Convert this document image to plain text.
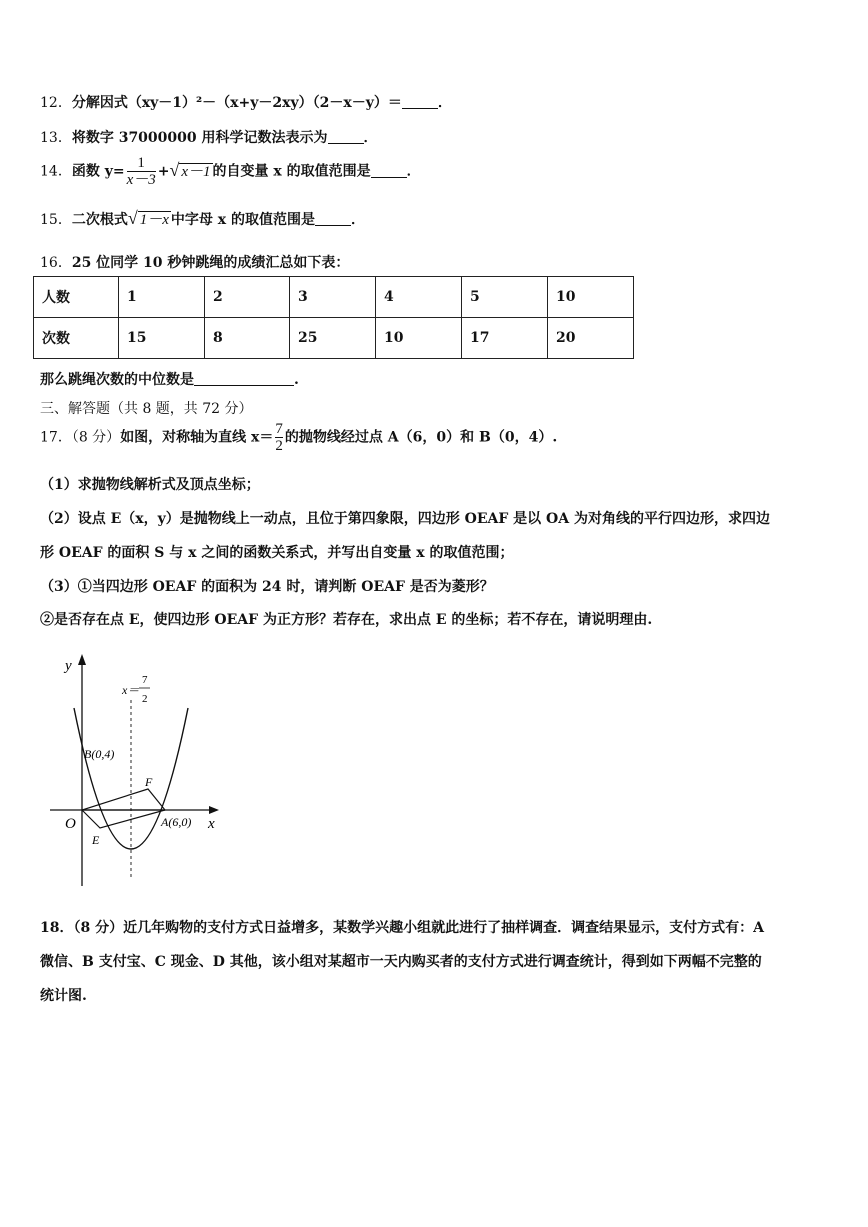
12．分解因式（xy－1）²－（x+y－2xy）（2－x－y）＝	．
13．将数字 37000000 用科学记数法表示为	．
14．函数 $y= \frac{1}{x-3}$ +√ x－1 的自变量 x 的取值范围是	．
15．二次根式√ 1－x 中字母 x 的取值范围是	．
16．25 位同学 10 秒钟跳绳的成绩汇总如下表：
人数	1	2	3	4	5	10
次数	15	8	25	10	17	20
那么跳绳次数的中位数是	.
三、解答题（共 8 题，共 72 分）
17．（8 分）如图，对称轴为直线 $x= \frac{7}{2}$ 的抛物线经过点 A（6，0）和 B（0，4）.
（1）求抛物线解析式及顶点坐标；
（2）设点 E（x，y）是抛物线上一动点，且位于第四象限，四边形 OEAF 是以 OA 为对角线的平行四边形，求四边
形 OEAF 的面积 S 与 x 之间的函数关系式，并写出自变量 x 的取值范围；
（3）①当四边形 OEAF 的面积为 24 时，请判断 OEAF 是否为菱形？
②是否存在点 E，使四边形 OEAF 为正方形？若存在，求出点 E 的坐标；若不存在，请说明理由.
y
x
O
x＝
7
2
B(0,4)
A(6,0)
E
F
18．（8 分）近几年购物的支付方式日益增多，某数学兴趣小组就此进行了抽样调查．调查结果显示，支付方式有：A
微信、B 支付宝、C 现金、D 其他，该小组对某超市一天内购买者的支付方式进行调查统计，得到如下两幅不完整的
统计图.
